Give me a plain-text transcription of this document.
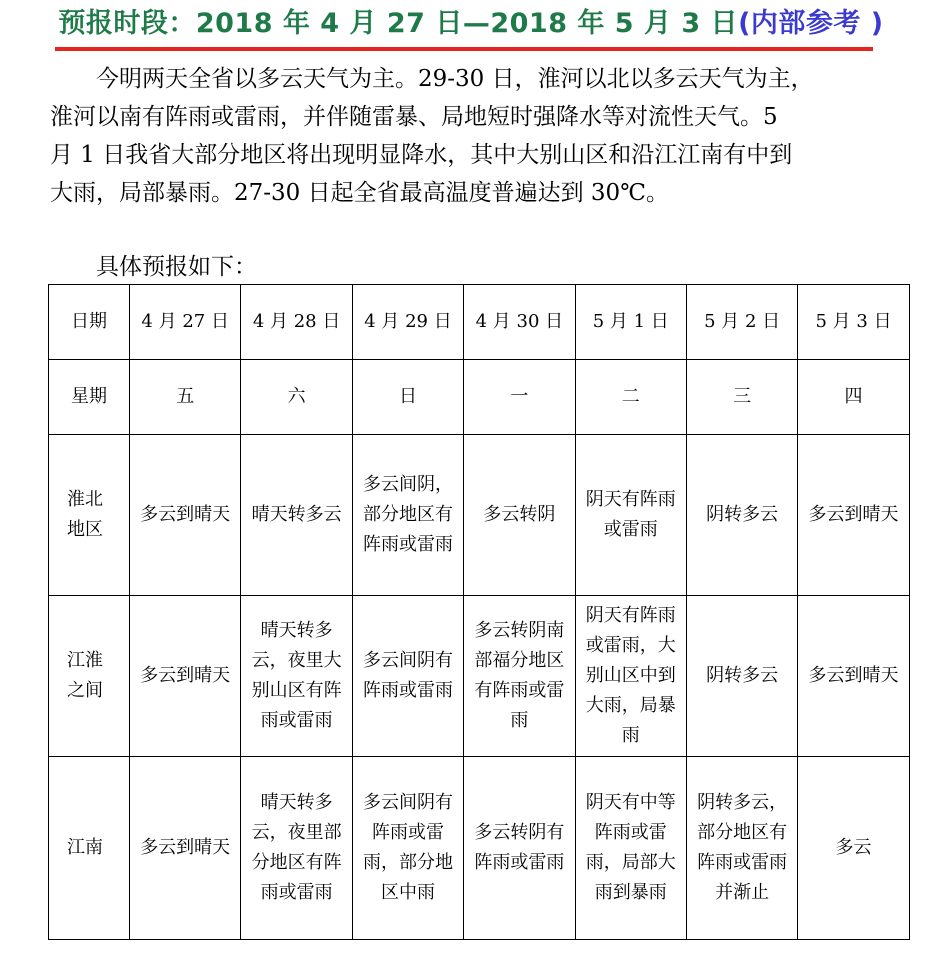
预报时段：2018 年 4 月 27 日—2018 年 5 月 3 日(内部参考 )
今明两天全省以多云天气为主。29-30 日，淮河以北以多云天气为主，
淮河以南有阵雨或雷雨，并伴随雷暴、局地短时强降水等对流性天气。5
月 1 日我省大部分地区将出现明显降水，其中大别山区和沿江江南有中到
大雨，局部暴雨。27-30 日起全省最高温度普遍达到 30℃。
具体预报如下：
日期	4 月 27 日	4 月 28 日	4 月 29 日	4 月 30 日	5 月 1 日	5 月 2 日	5 月 3 日
星期	五	六	日	一	二	三	四
淮北地区	多云到晴天	晴天转多云	多云间阴，部分地区有阵雨或雷雨	多云转阴	阴天有阵雨或雷雨	阴转多云	多云到晴天
江淮之间	多云到晴天	晴天转多云，夜里大别山区有阵雨或雷雨	多云间阴有阵雨或雷雨	多云转阴南部福分地区有阵雨或雷雨	阴天有阵雨或雷雨，大别山区中到大雨，局暴雨	阴转多云	多云到晴天
江南	多云到晴天	晴天转多云，夜里部分地区有阵雨或雷雨	多云间阴有阵雨或雷雨，部分地区中雨	多云转阴有阵雨或雷雨	阴天有中等阵雨或雷雨，局部大雨到暴雨	阴转多云，部分地区有阵雨或雷雨并渐止	多云
